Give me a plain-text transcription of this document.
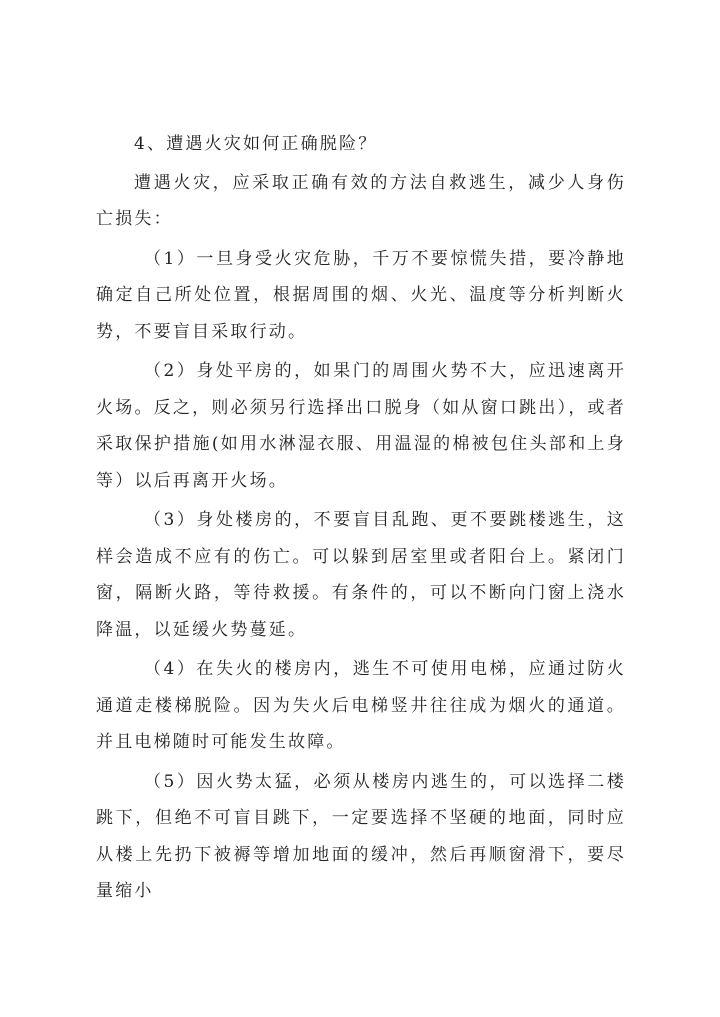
4、遭遇火灾如何正确脱险？

遭遇火灾，应采取正确有效的方法自救逃生，减少人身伤亡损失：

（1）一旦身受火灾危胁，千万不要惊慌失措，要冷静地确定自己所处位置，根据周围的烟、火光、温度等分析判断火势，不要盲目采取行动。

（2）身处平房的，如果门的周围火势不大，应迅速离开火场。反之，则必须另行选择出口脱身（如从窗口跳出），或者采取保护措施(如用水淋湿衣服、用温湿的棉被包住头部和上身等）以后再离开火场。

（3）身处楼房的，不要盲目乱跑、更不要跳楼逃生，这样会造成不应有的伤亡。可以躲到居室里或者阳台上。紧闭门窗，隔断火路，等待救援。有条件的，可以不断向门窗上浇水降温，以延缓火势蔓延。

（4）在失火的楼房内，逃生不可使用电梯，应通过防火通道走楼梯脱险。因为失火后电梯竖井往往成为烟火的通道。并且电梯随时可能发生故障。

（5）因火势太猛，必须从楼房内逃生的，可以选择二楼跳下，但绝不可盲目跳下，一定要选择不坚硬的地面，同时应从楼上先扔下被褥等增加地面的缓冲，然后再顺窗滑下，要尽量缩小
